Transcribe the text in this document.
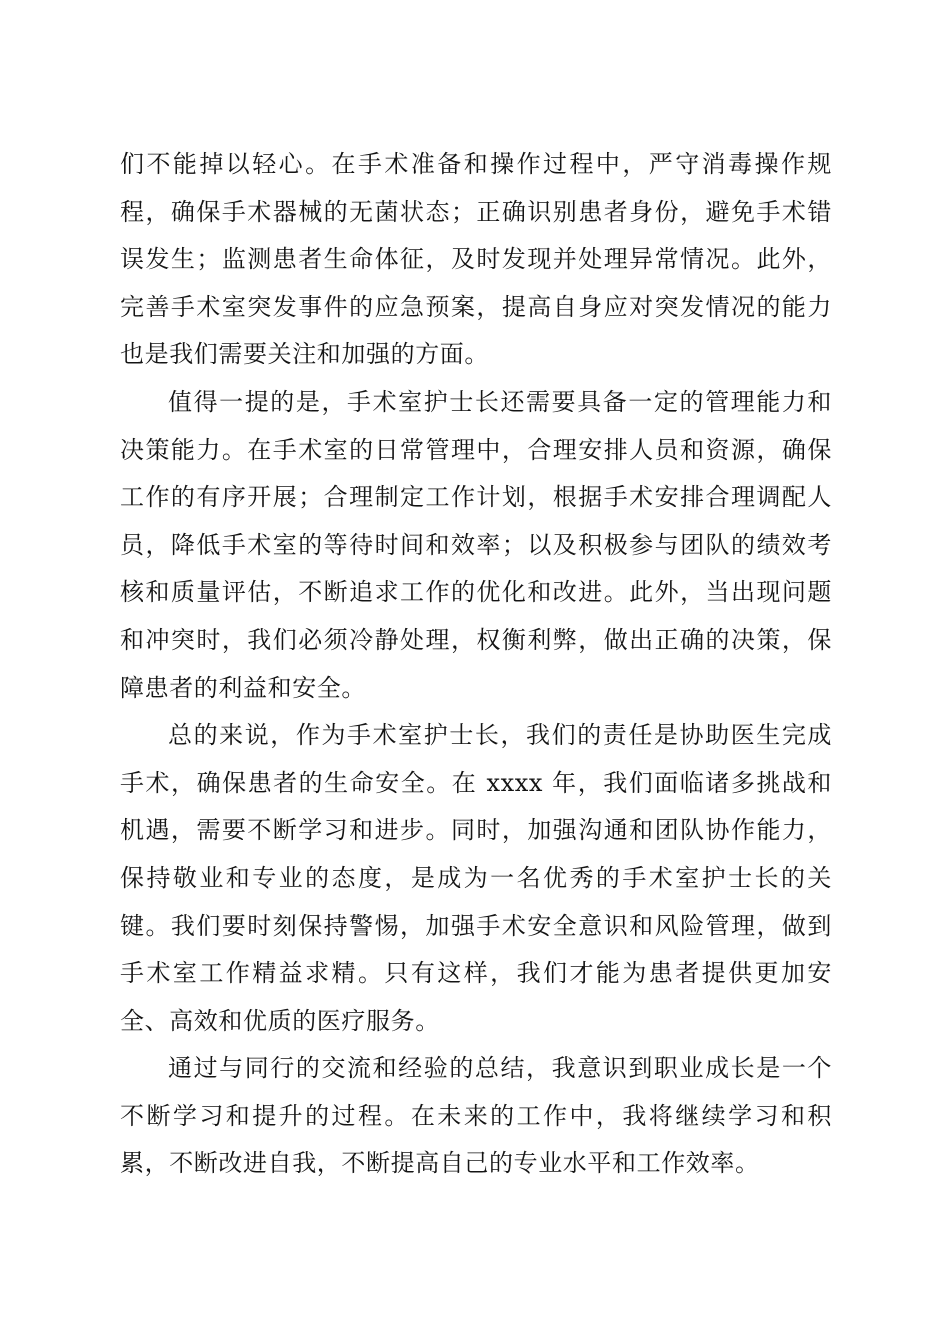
们不能掉以轻心。在手术准备和操作过程中，严守消毒操作规程，确保手术器械的无菌状态；正确识别患者身份，避免手术错误发生；监测患者生命体征，及时发现并处理异常情况。此外，完善手术室突发事件的应急预案，提高自身应对突发情况的能力也是我们需要关注和加强的方面。

值得一提的是，手术室护士长还需要具备一定的管理能力和决策能力。在手术室的日常管理中，合理安排人员和资源，确保工作的有序开展；合理制定工作计划，根据手术安排合理调配人员，降低手术室的等待时间和效率；以及积极参与团队的绩效考核和质量评估，不断追求工作的优化和改进。此外，当出现问题和冲突时，我们必须冷静处理，权衡利弊，做出正确的决策，保障患者的利益和安全。

总的来说，作为手术室护士长，我们的责任是协助医生完成手术，确保患者的生命安全。在 xxxx 年，我们面临诸多挑战和机遇，需要不断学习和进步。同时，加强沟通和团队协作能力，保持敬业和专业的态度，是成为一名优秀的手术室护士长的关键。我们要时刻保持警惕，加强手术安全意识和风险管理，做到手术室工作精益求精。只有这样，我们才能为患者提供更加安全、高效和优质的医疗服务。

通过与同行的交流和经验的总结，我意识到职业成长是一个不断学习和提升的过程。在未来的工作中，我将继续学习和积累，不断改进自我，不断提高自己的专业水平和工作效率。
